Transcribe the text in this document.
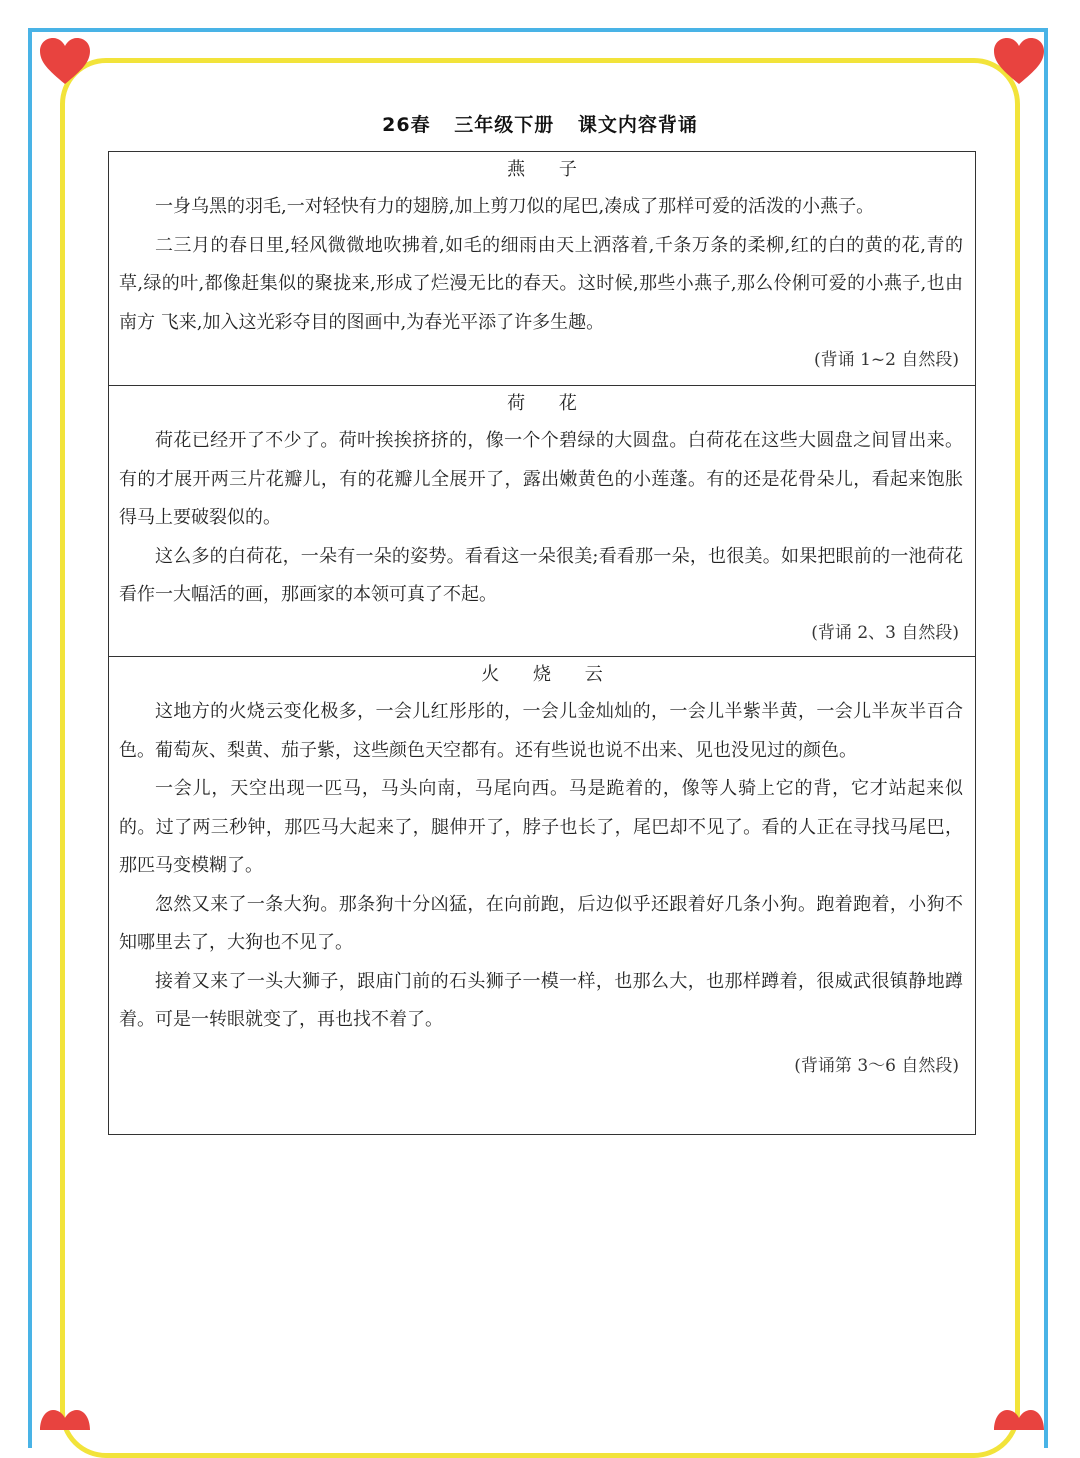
26春 三年级下册 课文内容背诵
燕 子

一身乌黑的羽毛,一对轻快有力的翅膀,加上剪刀似的尾巴,凑成了那样可爱的活泼的小燕子。

二三月的春日里,轻风微微地吹拂着,如毛的细雨由天上洒落着,千条万条的柔柳,红的白的黄的花,青的草,绿的叶,都像赶集似的聚拢来,形成了烂漫无比的春天。这时候,那些小燕子,那么伶俐可爱的小燕子,也由南方 飞来,加入这光彩夺目的图画中,为春光平添了许多生趣。

(背诵 1~2 自然段)
荷 花

荷花已经开了不少了。荷叶挨挨挤挤的，像一个个碧绿的大圆盘。白荷花在这些大圆盘之间冒出来。有的才展开两三片花瓣儿，有的花瓣儿全展开了，露出嫩黄色的小莲蓬。有的还是花骨朵儿，看起来饱胀得马上要破裂似的。

这么多的白荷花，一朵有一朵的姿势。看看这一朵很美;看看那一朵，也很美。如果把眼前的一池荷花看作一大幅活的画，那画家的本领可真了不起。

(背诵 2、3 自然段)
火 烧 云

这地方的火烧云变化极多，一会儿红彤彤的，一会儿金灿灿的，一会儿半紫半黄，一会儿半灰半百合色。葡萄灰、梨黄、茄子紫，这些颜色天空都有。还有些说也说不出来、见也没见过的颜色。

一会儿，天空出现一匹马，马头向南，马尾向西。马是跪着的，像等人骑上它的背，它才站起来似的。过了两三秒钟，那匹马大起来了，腿伸开了，脖子也长了，尾巴却不见了。看的人正在寻找马尾巴，那匹马变模糊了。

忽然又来了一条大狗。那条狗十分凶猛，在向前跑，后边似乎还跟着好几条小狗。跑着跑着，小狗不知哪里去了，大狗也不见了。

接着又来了一头大狮子，跟庙门前的石头狮子一模一样，也那么大，也那样蹲着，很威武很镇静地蹲着。可是一转眼就变了，再也找不着了。

(背诵第 3〜6 自然段)
